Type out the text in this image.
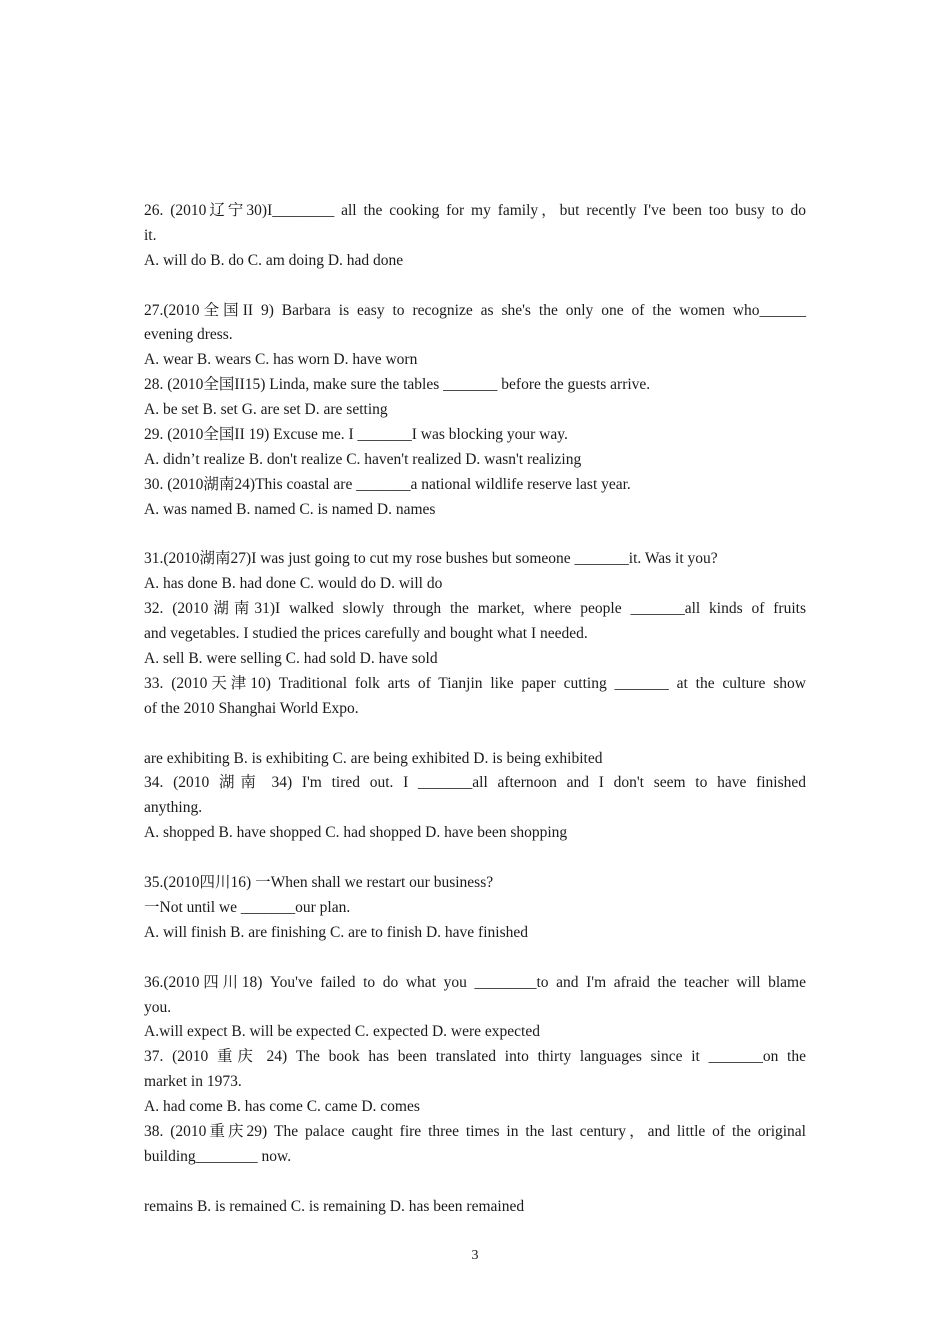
26. (2010辽宁30)I________ all the cooking for my family，but recently I've been too busy to do
it.
A. will do B. do C. am doing D. had done
27.(2010全国II 9) Barbara is easy to recognize as she's the only one of the women who______
evening dress.
A. wear B. wears C. has worn D. have worn
28. (2010全国II15) Linda, make sure the tables _______ before the guests arrive.
A. be set B. set G. are set D. are setting
29. (2010全国II 19) Excuse me. I _______I was blocking your way.
A. didn’t realize B. don't realize C. haven't realized D. wasn't realizing
30. (2010湖南24)This coastal are _______a national wildlife reserve last year.
A. was named B. named C. is named D. names
31.(2010湖南27)I was just going to cut my rose bushes but someone _______it. Was it you?
A. has done B. had done C. would do D. will do
32. (2010湖南31)I walked slowly through the market, where people _______all kinds of fruits
and vegetables. I studied the prices carefully and bought what I needed.
A. sell B. were selling C. had sold D. have sold
33. (2010天津10) Traditional folk arts of Tianjin like paper cutting _______ at the culture show
of the 2010 Shanghai World Expo.
are exhibiting B. is exhibiting C. are being exhibited D. is being exhibited
34. (2010 湖南 34) I'm tired out. I _______all afternoon and I don't seem to have finished
anything.
A. shopped B. have shopped C. had shopped D. have been shopping
35.(2010四川16) 一When shall we restart our business?
一Not until we _______our plan.
A. will finish B. are finishing C. are to finish D. have finished
36.(2010四川18) You've failed to do what you ________to and I'm afraid the teacher will blame
you.
A.will expect B. will be expected C. expected D. were expected
37. (2010 重庆 24) The book has been translated into thirty languages since it _______on the
market in 1973.
A. had come B. has come C. came D. comes
38. (2010重庆29) The palace caught fire three times in the last century，and little of the original
building________ now.
remains B. is remained C. is remaining D. has been remained
3
